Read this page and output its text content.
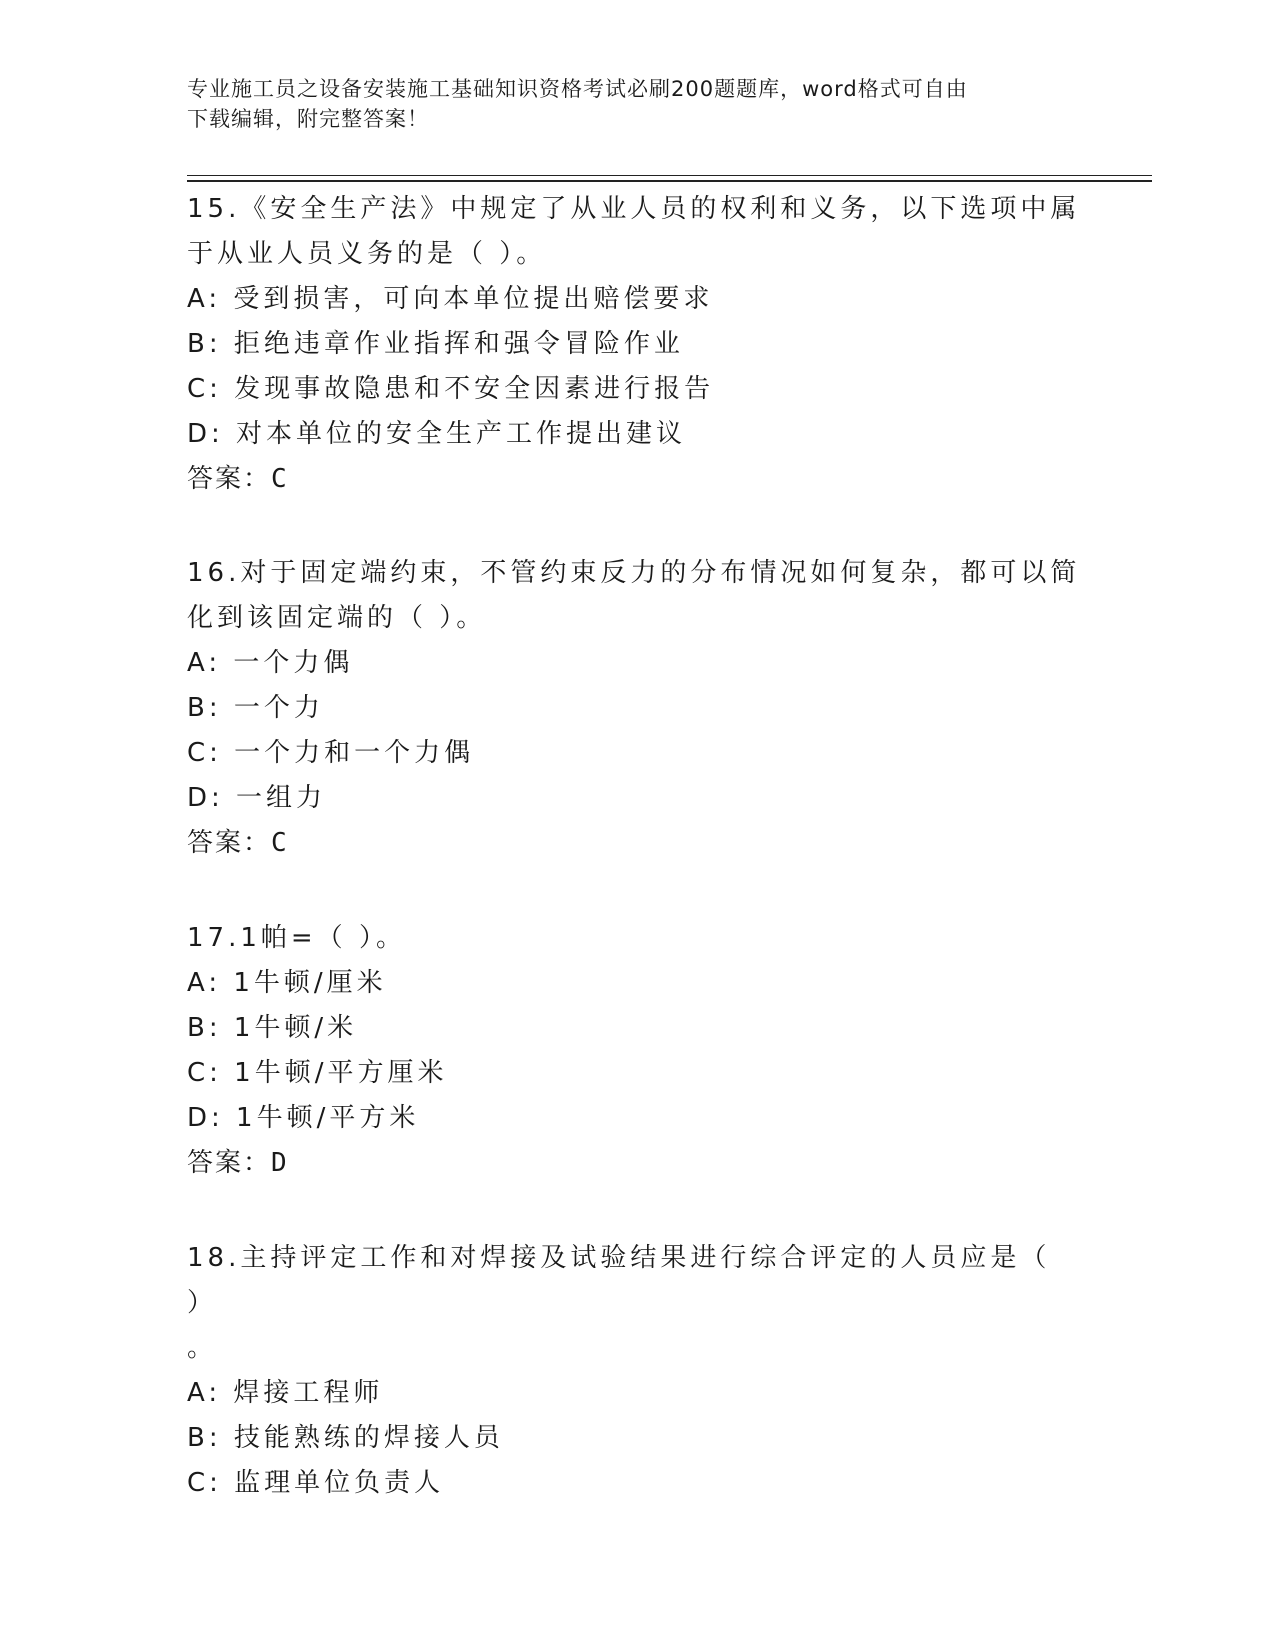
专业施工员之设备安装施工基础知识资格考试必刷200题题库，word格式可自由
下载编辑，附完整答案！
15.《安全生产法》中规定了从业人员的权利和义务，以下选项中属于从业人员义务的是（ ）。
A: 受到损害，可向本单位提出赔偿要求
B: 拒绝违章作业指挥和强令冒险作业
C: 发现事故隐患和不安全因素进行报告
D: 对本单位的安全生产工作提出建议
答案：C
16.对于固定端约束，不管约束反力的分布情况如何复杂，都可以简化到该固定端的（ ）。
A: 一个力偶
B: 一个力
C: 一个力和一个力偶
D: 一组力
答案：C
17.1帕=（ ）。
A: 1牛顿/厘米
B: 1牛顿/米
C: 1牛顿/平方厘米
D: 1牛顿/平方米
答案：D
18.主持评定工作和对焊接及试验结果进行综合评定的人员应是（ ）
。
A: 焊接工程师
B: 技能熟练的焊接人员
C: 监理单位负责人
